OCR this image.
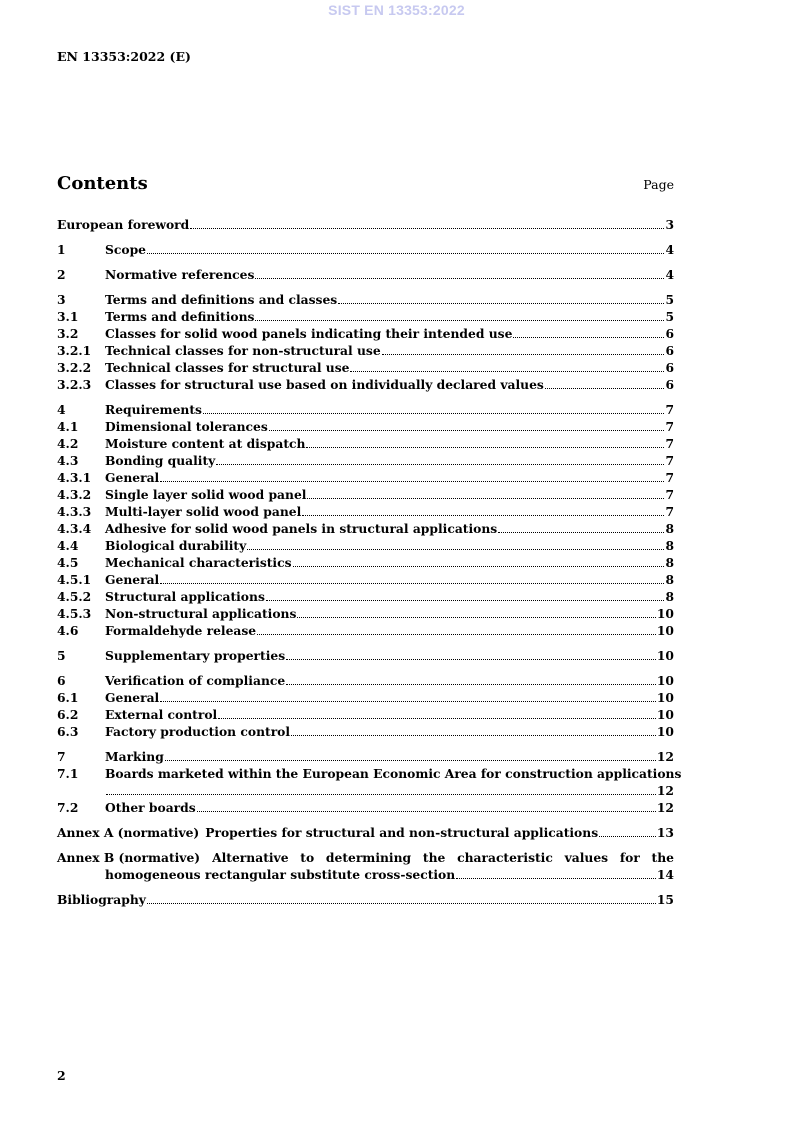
SIST EN 13353:2022
EN 13353:2022 (E)
Contents	Page
European foreword	3
1	Scope	4
2	Normative references	4
3	Terms and definitions and classes	5
3.1	Terms and definitions	5
3.2	Classes for solid wood panels indicating their intended use	6
3.2.1	Technical classes for non-structural use	6
3.2.2	Technical classes for structural use	6
3.2.3	Classes for structural use based on individually declared values	6
4	Requirements	7
4.1	Dimensional tolerances	7
4.2	Moisture content at dispatch	7
4.3	Bonding quality	7
4.3.1	General	7
4.3.2	Single layer solid wood panel	7
4.3.3	Multi-layer solid wood panel	7
4.3.4	Adhesive for solid wood panels in structural applications	8
4.4	Biological durability	8
4.5	Mechanical characteristics	8
4.5.1	General	8
4.5.2	Structural applications	8
4.5.3	Non-structural applications	10
4.6	Formaldehyde release	10
5	Supplementary properties	10
6	Verification of compliance	10
6.1	General	10
6.2	External control	10
6.3	Factory production control	10
7	Marking	12
7.1	Boards marketed within the European Economic Area for construction applications
12
7.2	Other boards	12
Annex A (normative) Properties for structural and non-structural applications	13
Annex B (normative) Alternative to determining the characteristic values for the
homogeneous rectangular substitute cross-section	14
Bibliography	15
2
